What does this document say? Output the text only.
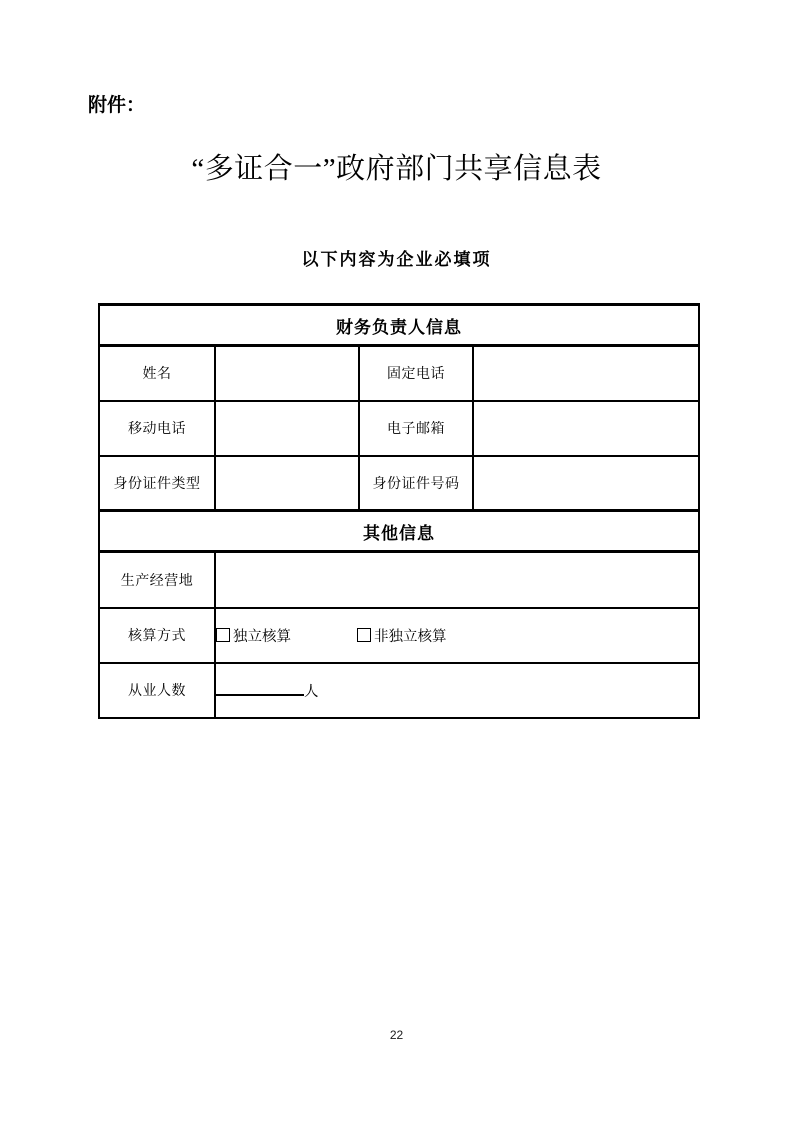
附件：
“多证合一”政府部门共享信息表
以下内容为企业必填项
财务负责人信息			
姓名		固定电话	
移动电话		电子邮箱	
身份证件类型		身份证件号码	
其他信息			
生产经营地			
核算方式	独立核算 非独立核算		
从业人数	人		
22
